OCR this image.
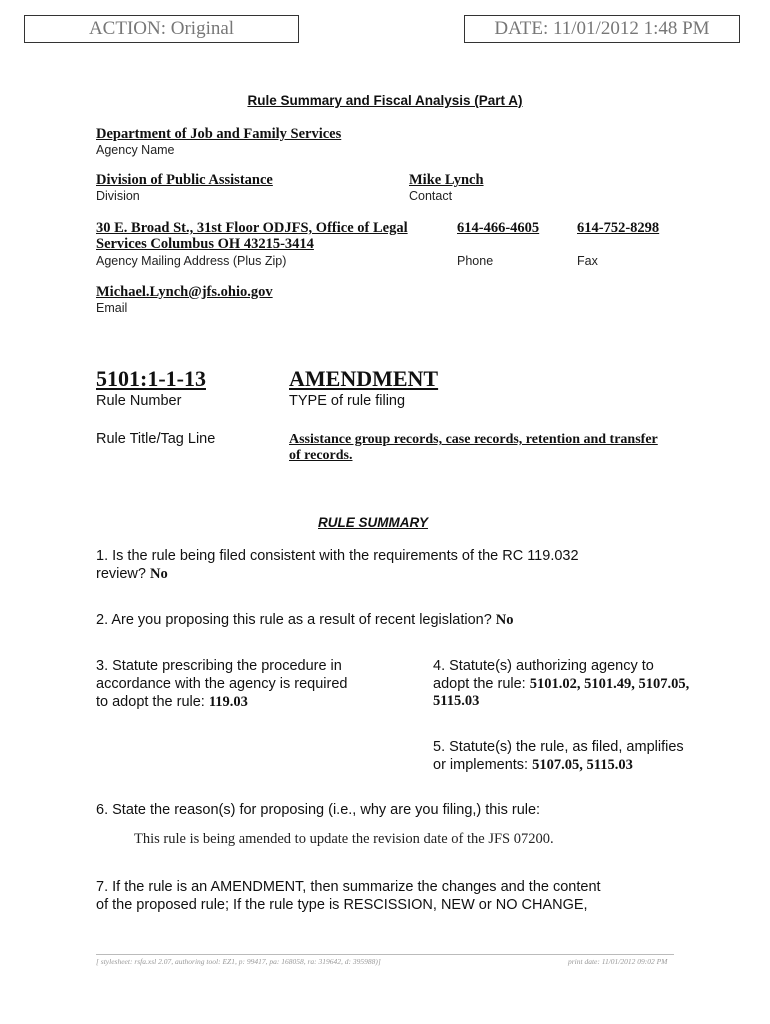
ACTION: Original	DATE: 11/01/2012 1:48 PM
Rule Summary and Fiscal Analysis (Part A)
Department of Job and Family Services
Agency Name
Division of Public Assistance
Division
Mike Lynch
Contact
30 E. Broad St., 31st Floor ODJFS, Office of Legal
Services Columbus OH 43215-3414
Agency Mailing Address (Plus Zip)
614-466-4605
Phone
614-752-8298
Fax
Michael.Lynch@jfs.ohio.gov
Email
5101:1-1-13
Rule Number
AMENDMENT
TYPE of rule filing
Rule Title/Tag Line	Assistance group records, case records, retention and transfer
of records.
RULE SUMMARY
1. Is the rule being filed consistent with the requirements of the RC 119.032
review? No
2. Are you proposing this rule as a result of recent legislation? No
3. Statute prescribing the procedure in
accordance with the agency is required
to adopt the rule: 119.03
4. Statute(s) authorizing agency to
adopt the rule: 5101.02, 5101.49, 5107.05,
5115.03
5. Statute(s) the rule, as filed, amplifies
or implements: 5107.05, 5115.03
6. State the reason(s) for proposing (i.e., why are you filing,) this rule:
This rule is being amended to update the revision date of the JFS 07200.
7. If the rule is an AMENDMENT, then summarize the changes and the content
of the proposed rule; If the rule type is RESCISSION, NEW or NO CHANGE,
[ stylesheet: rsfa.xsl 2.07, authoring tool: EZ1, p: 99417, pa: 168058, ra: 319642, d: 395988)]	print date: 11/01/2012 09:02 PM
